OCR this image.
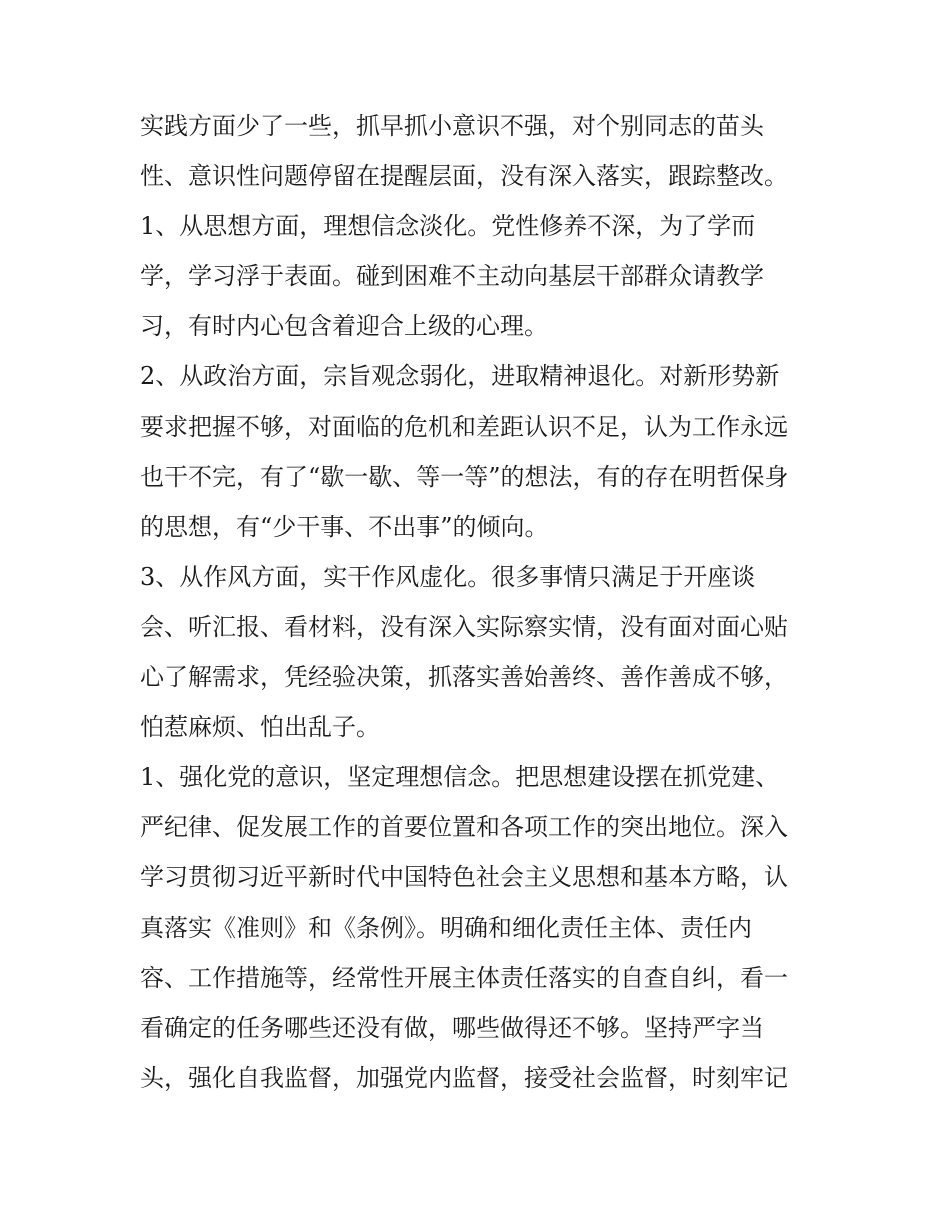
实践方面少了一些，抓早抓小意识不强，对个别同志的苗头
性、意识性问题停留在提醒层面，没有深入落实，跟踪整改。
1、从思想方面，理想信念淡化。党性修养不深，为了学而
学，学习浮于表面。碰到困难不主动向基层干部群众请教学
习，有时内心包含着迎合上级的心理。
2、从政治方面，宗旨观念弱化，进取精神退化。对新形势新
要求把握不够，对面临的危机和差距认识不足，认为工作永远
也干不完，有了“歇一歇、等一等”的想法，有的存在明哲保身
的思想，有“少干事、不出事”的倾向。
3、从作风方面，实干作风虚化。很多事情只满足于开座谈
会、听汇报、看材料，没有深入实际察实情，没有面对面心贴
心了解需求，凭经验决策，抓落实善始善终、善作善成不够，
怕惹麻烦、怕出乱子。
1、强化党的意识，坚定理想信念。把思想建设摆在抓党建、
严纪律、促发展工作的首要位置和各项工作的突出地位。深入
学习贯彻习近平新时代中国特色社会主义思想和基本方略，认
真落实《准则》和《条例》。明确和细化责任主体、责任内
容、工作措施等，经常性开展主体责任落实的自查自纠，看一
看确定的任务哪些还没有做，哪些做得还不够。坚持严字当
头，强化自我监督，加强党内监督，接受社会监督，时刻牢记
